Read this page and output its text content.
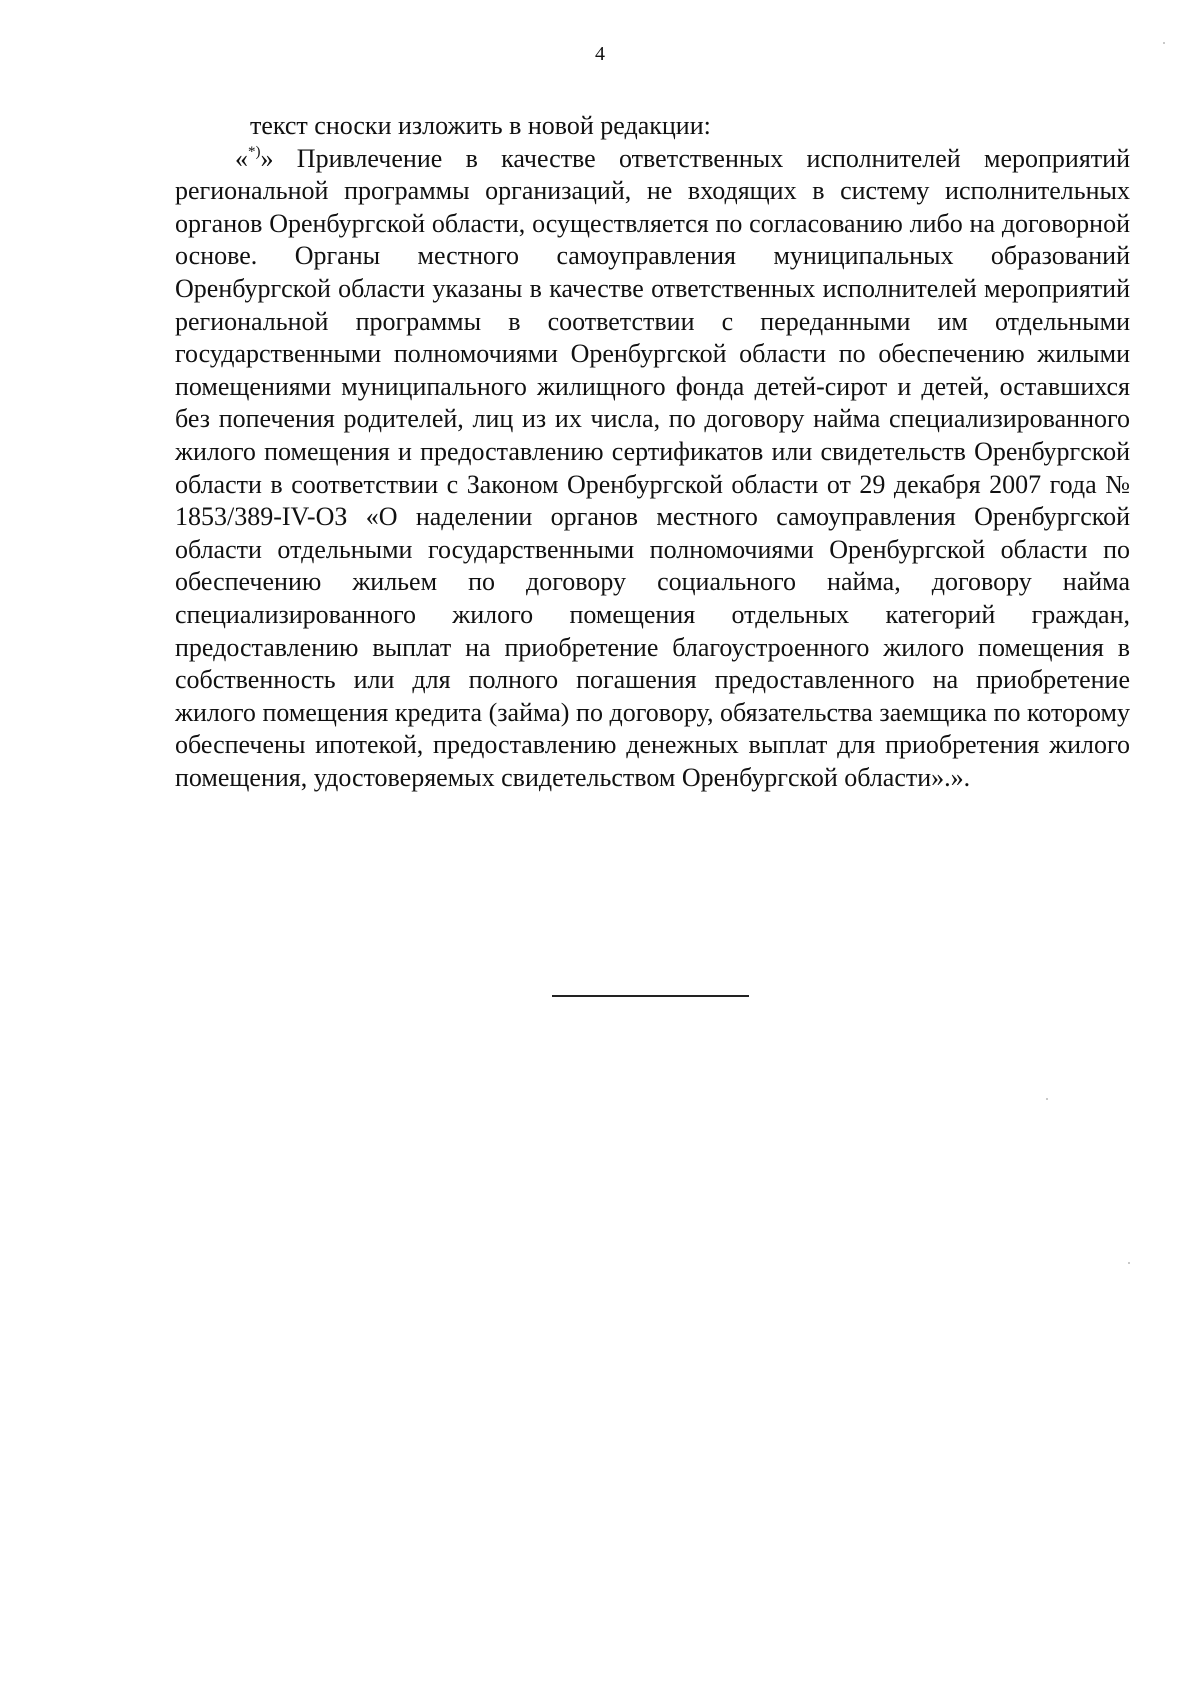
4

текст сноски изложить в новой редакции:

«*)» Привлечение в качестве ответственных исполнителей мероприятий региональной программы организаций, не входящих в систему исполнительных органов Оренбургской области, осуществляется по согласованию либо на договорной основе. Органы местного самоуправления муниципальных образований Оренбургской области указаны в качестве ответственных исполнителей мероприятий региональной программы в соответствии с переданными им отдельными государственными полномочиями Оренбургской области по обеспечению жилыми помещениями муниципального жилищного фонда детей-сирот и детей, оставшихся без попечения родителей, лиц из их числа, по договору найма специализированного жилого помещения и предоставлению сертификатов или свидетельств Оренбургской области в соответствии с Законом Оренбургской области от 29 декабря 2007 года № 1853/389-IV-ОЗ «О наделении органов местного самоуправления Оренбургской области отдельными государственными полномочиями Оренбургской области по обеспечению жильем по договору социального найма, договору найма специализированного жилого помещения отдельных категорий граждан, предоставлению выплат на приобретение благоустроенного жилого помещения в собственность или для полного погашения предоставленного на приобретение жилого помещения кредита (займа) по договору, обязательства заемщика по которому обеспечены ипотекой, предоставлению денежных выплат для приобретения жилого помещения, удостоверяемых свидетельством Оренбургской области».».
